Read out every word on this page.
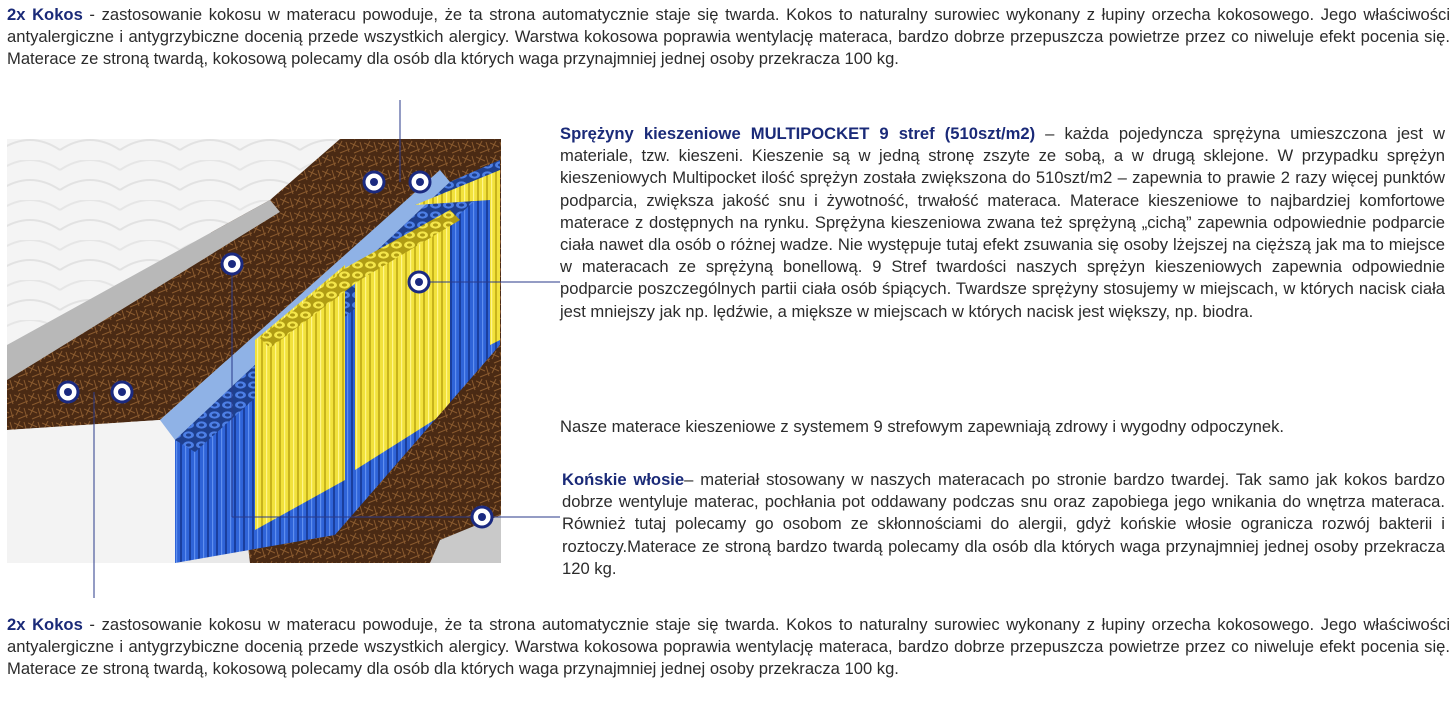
2x Kokos - zastosowanie kokosu w materacu powoduje, że ta strona automatycznie staje się twarda. Kokos to naturalny surowiec wykonany z łupiny orzecha kokosowego. Jego właściwości antyalergiczne i antygrzybiczne docenią przede wszystkich alergicy. Warstwa kokosowa poprawia wentylację materaca, bardzo dobrze przepuszcza powietrze przez co niweluje efekt pocenia się. Materace ze stroną twardą, kokosową polecamy dla osób dla których waga przynajmniej jednej osoby przekracza 100 kg.

Sprężyny kieszeniowe MULTIPOCKET 9 stref (510szt/m2) – każda pojedyncza sprężyna umieszczona jest w materiale, tzw. kieszeni. Kieszenie są w jedną stronę zszyte ze sobą, a w drugą sklejone. W przypadku sprężyn kieszeniowych Multipocket ilość sprężyn została zwiększona do 510szt/m2 – zapewnia to prawie 2 razy więcej punktów podparcia, zwiększa jakość snu i żywotność, trwałość materaca. Materace kieszeniowe to najbardziej komfortowe materace z dostępnych na rynku. Sprężyna kieszeniowa zwana też sprężyną „cichą” zapewnia odpowiednie podparcie ciała nawet dla osób o różnej wadze. Nie występuje tutaj efekt zsuwania się osoby lżejszej na cięższą jak ma to miejsce w materacach ze sprężyną bonellową. 9 Stref twardości naszych sprężyn kieszeniowych zapewnia odpowiednie podparcie poszczególnych partii ciała osób śpiących. Twardsze sprężyny stosujemy w miejscach, w których nacisk ciała jest mniejszy jak np. lędźwie, a miększe w miejscach w których nacisk jest większy, np. biodra.

Nasze materace kieszeniowe z systemem 9 strefowym zapewniają zdrowy i wygodny odpoczynek.

Końskie włosie– materiał stosowany w naszych materacach po stronie bardzo twardej. Tak samo jak kokos bardzo dobrze wentyluje materac, pochłania pot oddawany podczas snu oraz zapobiega jego wnikania do wnętrza materaca. Również tutaj polecamy go osobom ze skłonnościami do alergii, gdyż końskie włosie ogranicza rozwój bakterii i roztoczy.Materace ze stroną bardzo twardą polecamy dla osób dla których waga przynajmniej jednej osoby przekracza 120 kg.

2x Kokos - zastosowanie kokosu w materacu powoduje, że ta strona automatycznie staje się twarda. Kokos to naturalny surowiec wykonany z łupiny orzecha kokosowego. Jego właściwości antyalergiczne i antygrzybiczne docenią przede wszystkich alergicy. Warstwa kokosowa poprawia wentylację materaca, bardzo dobrze przepuszcza powietrze przez co niweluje efekt pocenia się. Materace ze stroną twardą, kokosową polecamy dla osób dla których waga przynajmniej jednej osoby przekracza 100 kg.
